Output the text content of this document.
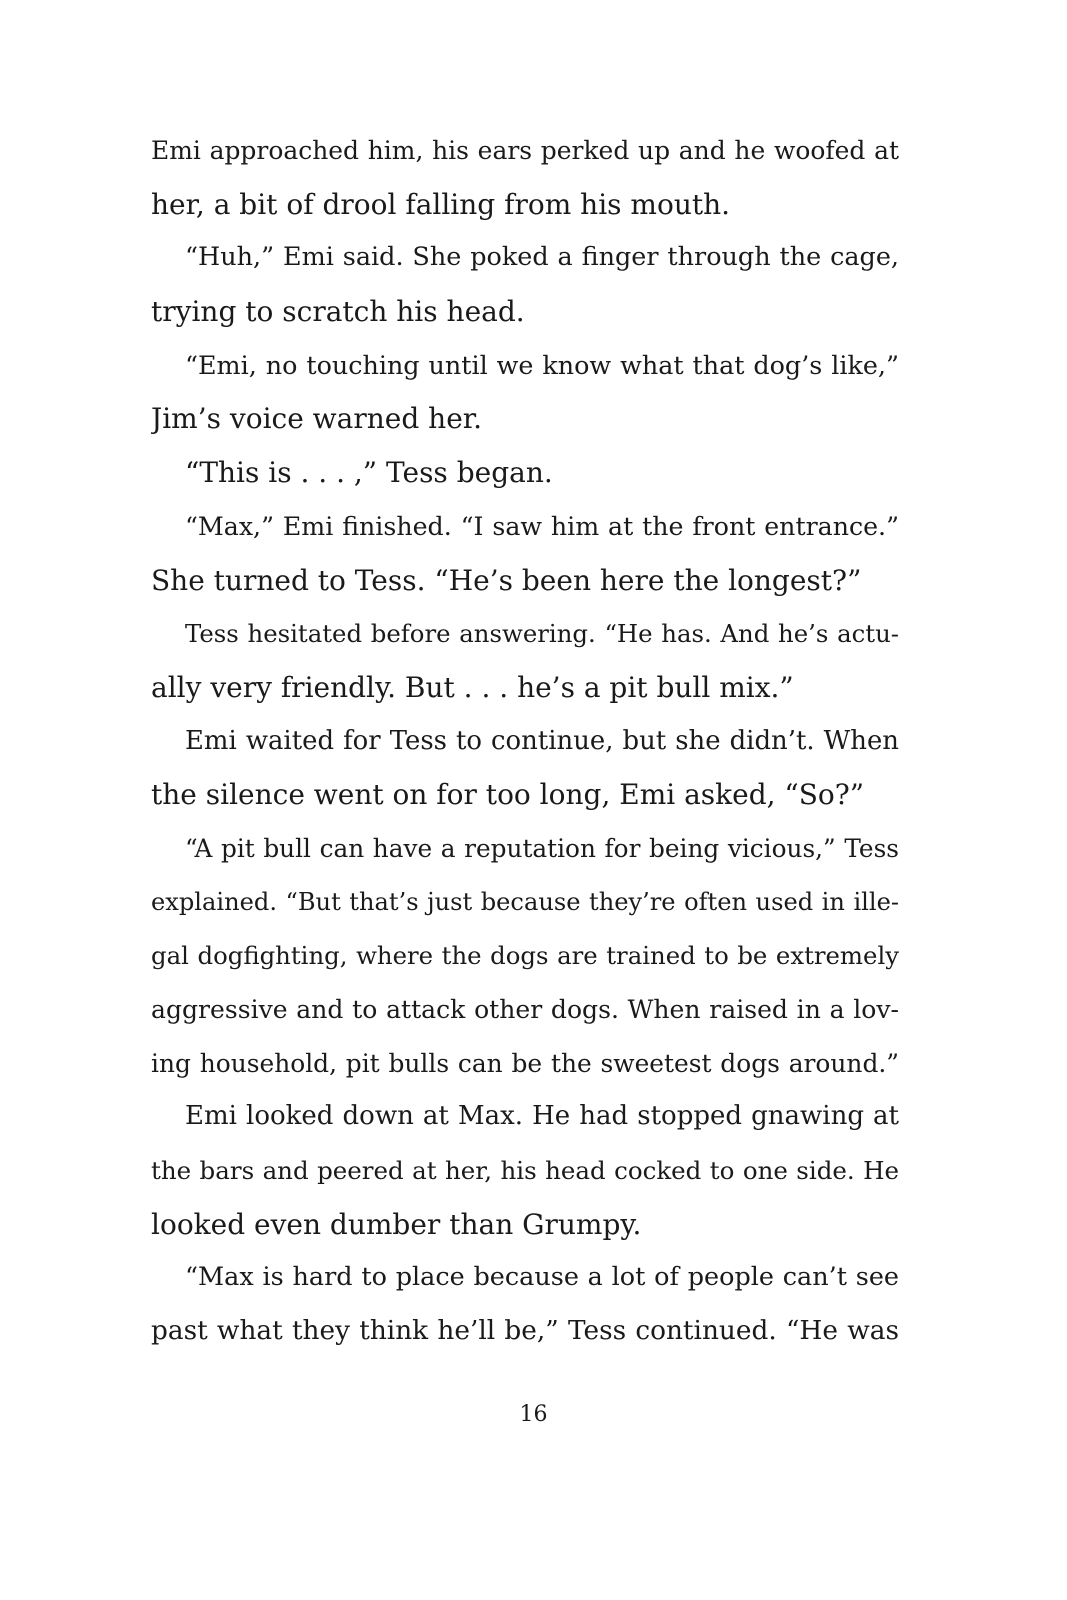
Emi approached him, his ears perked up and he woofed at
her, a bit of drool falling from his mouth.
“Huh,” Emi said. She poked a finger through the cage,
trying to scratch his head.
“Emi, no touching until we know what that dog’s like,”
Jim’s voice warned her.
“This is . . . ,” Tess began.
“Max,” Emi finished. “I saw him at the front entrance.”
She turned to Tess. “He’s been here the longest?”
Tess hesitated before answering. “He has. And he’s actu-
ally very friendly. But . . . he’s a pit bull mix.”
Emi waited for Tess to continue, but she didn’t. When
the silence went on for too long, Emi asked, “So?”
“A pit bull can have a reputation for being vicious,” Tess
explained. “But that’s just because they’re often used in ille-
gal dogfighting, where the dogs are trained to be extremely
aggressive and to attack other dogs. When raised in a lov-
ing household, pit bulls can be the sweetest dogs around.”
Emi looked down at Max. He had stopped gnawing at
the bars and peered at her, his head cocked to one side. He
looked even dumber than Grumpy.
“Max is hard to place because a lot of people can’t see
past what they think he’ll be,” Tess continued. “He was
16
